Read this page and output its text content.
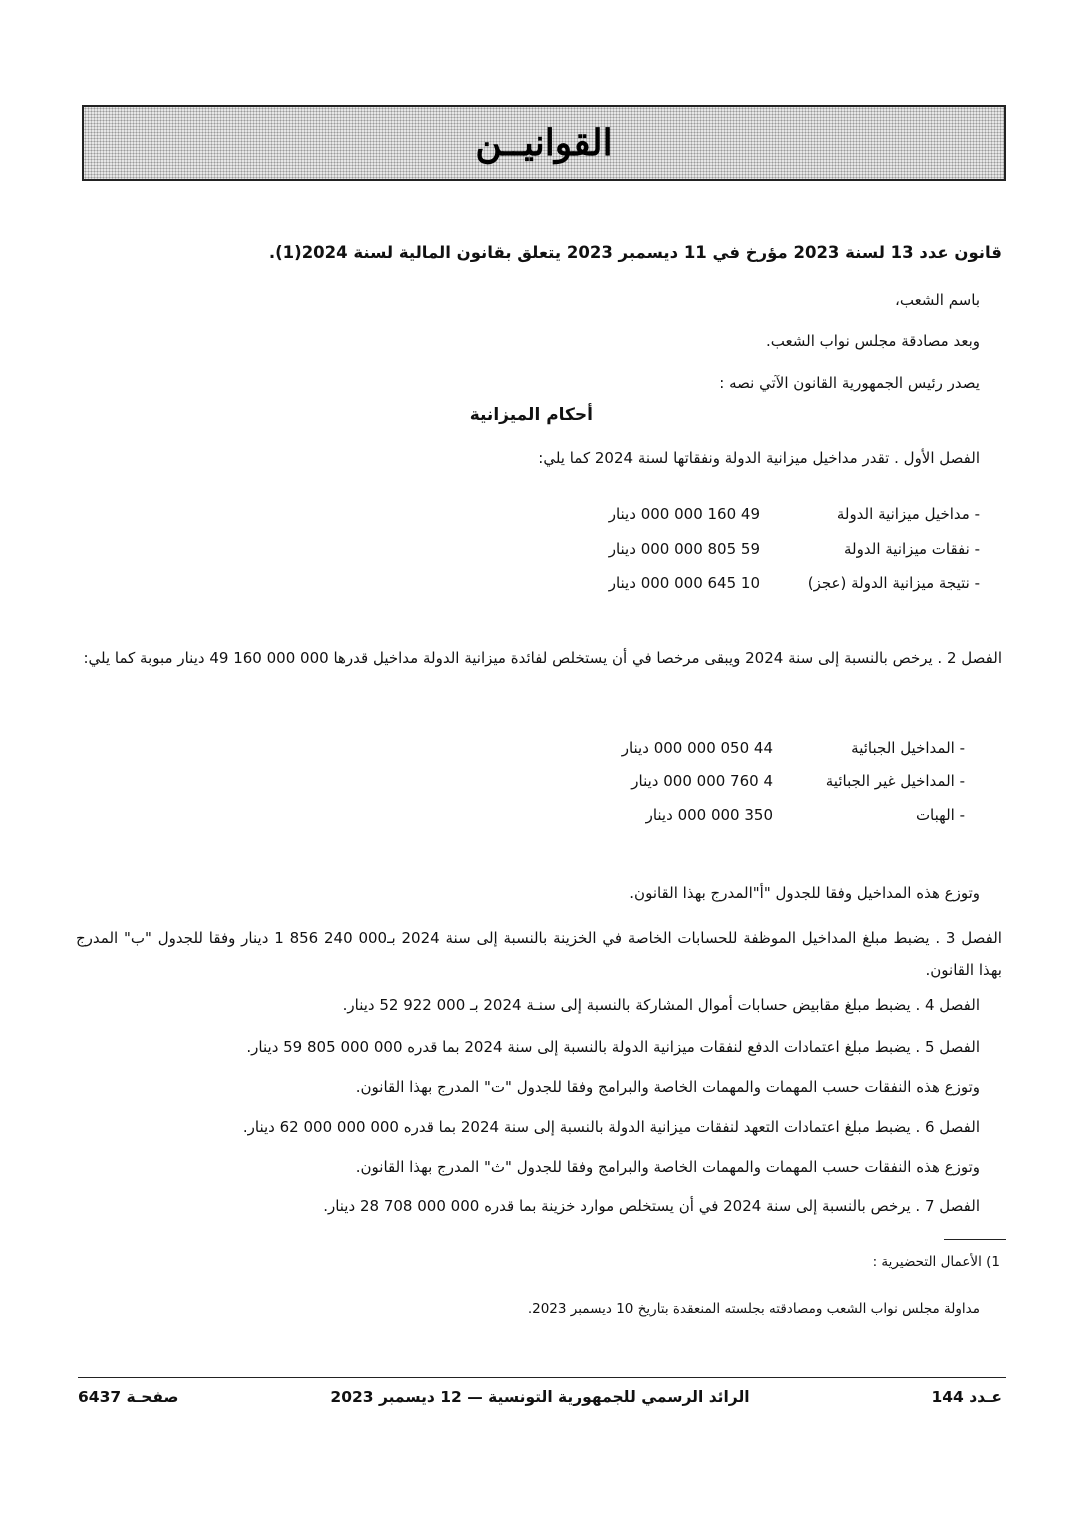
القوانيــن
قانون عدد 13 لسنة 2023 مؤرخ في 11 ديسمبر 2023 يتعلق بقانون المالية لسنة 2024(1).
باسم الشعب،
وبعد مصادقة مجلس نواب الشعب.
يصدر رئيس الجمهورية القانون الآتي نصه :
أحكام الميزانية
الفصل الأول . تقدر مداخيل ميزانية الدولة ونفقاتها لسنة 2024 كما يلي:
- مداخيل ميزانية الدولة
000 000 160 49 دينار
- نفقات ميزانية الدولة
000 000 805 59 دينار
- نتيجة ميزانية الدولة (عجز)
000 000 645 10 دينار
الفصل 2 . يرخص بالنسبة إلى سنة 2024 ويبقى مرخصا في أن يستخلص لفائدة ميزانية الدولة مداخيل قدرها 000 000 160 49 دينار مبوبة كما يلي:
- المداخيل الجبائية
000 000 050 44 دينار
- المداخيل غير الجبائية
000 000 760 4 دينار
- الهبات
000 000 350 دينار
وتوزع هذه المداخيل وفقا للجدول "أ"المدرج بهذا القانون.
الفصل 3 . يضبط مبلغ المداخيل الموظفة للحسابات الخاصة في الخزينة بالنسبة إلى سنة 2024 بـ000 240 856 1 دينار وفقا للجدول "ب" المدرج بهذا القانون.
الفصل 4 . يضبط مبلغ مقابيض حسابات أموال المشاركة بالنسبة إلى سنـة 2024 بـ 000 922 52 دينار.
الفصل 5 . يضبط مبلغ اعتمادات الدفع لنفقات ميزانية الدولة بالنسبة إلى سنة 2024 بما قدره 000 000 805 59 دينار.
وتوزع هذه النفقات حسب المهمات والمهمات الخاصة والبرامج وفقا للجدول "ت" المدرج بهذا القانون.
الفصل 6 . يضبط مبلغ اعتمادات التعهد لنفقات ميزانية الدولة بالنسبة إلى سنة 2024 بما قدره 000 000 000 62 دينار.
وتوزع هذه النفقات حسب المهمات والمهمات الخاصة والبرامج وفقا للجدول "ث" المدرج بهذا القانون.
الفصل 7 . يرخص بالنسبة إلى سنة 2024 في أن يستخلص موارد خزينة بما قدره 000 000 708 28 دينار.
1) الأعمال التحضيرية :
مداولة مجلس نواب الشعب ومصادقته بجلسته المنعقدة بتاريخ 10 ديسمبر 2023.
عـدد 144
الرائد الرسمي للجمهورية التونسية — 12 ديسمبر 2023
صفحـة 6437
